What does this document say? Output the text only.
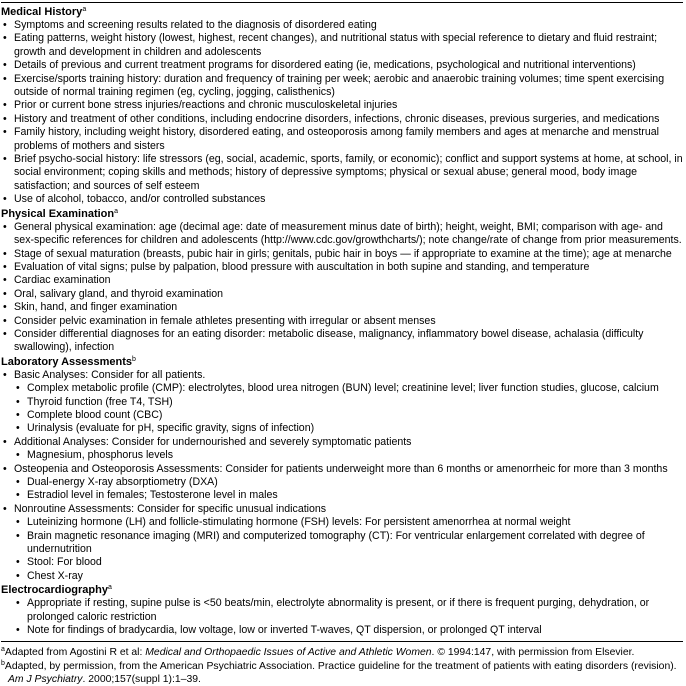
Medical History$^a$
• Symptoms and screening results related to the diagnosis of disordered eating
• Eating patterns, weight history (lowest, highest, recent changes), and nutritional status with special reference to dietary and fluid restraint; growth and development in children and adolescents
• Details of previous and current treatment programs for disordered eating (ie, medications, psychological and nutritional interventions)
• Exercise/sports training history: duration and frequency of training per week; aerobic and anaerobic training volumes; time spent exercising outside of normal training regimen (eg, cycling, jogging, calisthenics)
• Prior or current bone stress injuries/reactions and chronic musculoskeletal injuries
• History and treatment of other conditions, including endocrine disorders, infections, chronic diseases, previous surgeries, and medications
• Family history, including weight history, disordered eating, and osteoporosis among family members and ages at menarche and menstrual problems of mothers and sisters
• Brief psycho-social history: life stressors (eg, social, academic, sports, family, or economic); conflict and support systems at home, at school, in social environment; coping skills and methods; history of depressive symptoms; physical or sexual abuse; general mood, body image satisfaction; and sources of self esteem
• Use of alcohol, tobacco, and/or controlled substances
Physical Examination$^a$
• General physical examination: age (decimal age: date of measurement minus date of birth); height, weight, BMI; comparison with age- and sex-specific references for children and adolescents (http://www.cdc.gov/growthcharts/); note change/rate of change from prior measurements.
• Stage of sexual maturation (breasts, pubic hair in girls; genitals, pubic hair in boys — if appropriate to examine at the time); age at menarche
• Evaluation of vital signs; pulse by palpation, blood pressure with auscultation in both supine and standing, and temperature
• Cardiac examination
• Oral, salivary gland, and thyroid examination
• Skin, hand, and finger examination
• Consider pelvic examination in female athletes presenting with irregular or absent menses
• Consider differential diagnoses for an eating disorder: metabolic disease, malignancy, inflammatory bowel disease, achalasia (difficulty swallowing), infection
Laboratory Assessments$^b$
• Basic Analyses: Consider for all patients.
• Complex metabolic profile (CMP): electrolytes, blood urea nitrogen (BUN) level; creatinine level; liver function studies, glucose, calcium
• Thyroid function (free T4, TSH)
• Complete blood count (CBC)
• Urinalysis (evaluate for pH, specific gravity, signs of infection)
• Additional Analyses: Consider for undernourished and severely symptomatic patients
• Magnesium, phosphorus levels
• Osteopenia and Osteoporosis Assessments: Consider for patients underweight more than 6 months or amenorrheic for more than 3 months
• Dual-energy X-ray absorptiometry (DXA)
• Estradiol level in females; Testosterone level in males
• Nonroutine Assessments: Consider for specific unusual indications
• Luteinizing hormone (LH) and follicle-stimulating hormone (FSH) levels: For persistent amenorrhea at normal weight
• Brain magnetic resonance imaging (MRI) and computerized tomography (CT): For ventricular enlargement correlated with degree of undernutrition
• Stool: For blood
• Chest X-ray
Electrocardiography$^a$
• Appropriate if resting, supine pulse is <50 beats/min, electrolyte abnormality is present, or if there is frequent purging, dehydration, or prolonged caloric restriction
• Note for findings of bradycardia, low voltage, low or inverted T-waves, QT dispersion, or prolonged QT interval

$^a$Adapted from Agostini R et al: Medical and Orthopaedic Issues of Active and Athletic Women. © 1994:147, with permission from Elsevier.

$^b$Adapted, by permission, from the American Psychiatric Association. Practice guideline for the treatment of patients with eating disorders (revision).
Am J Psychiatry. 2000;157(suppl 1):1–39.
